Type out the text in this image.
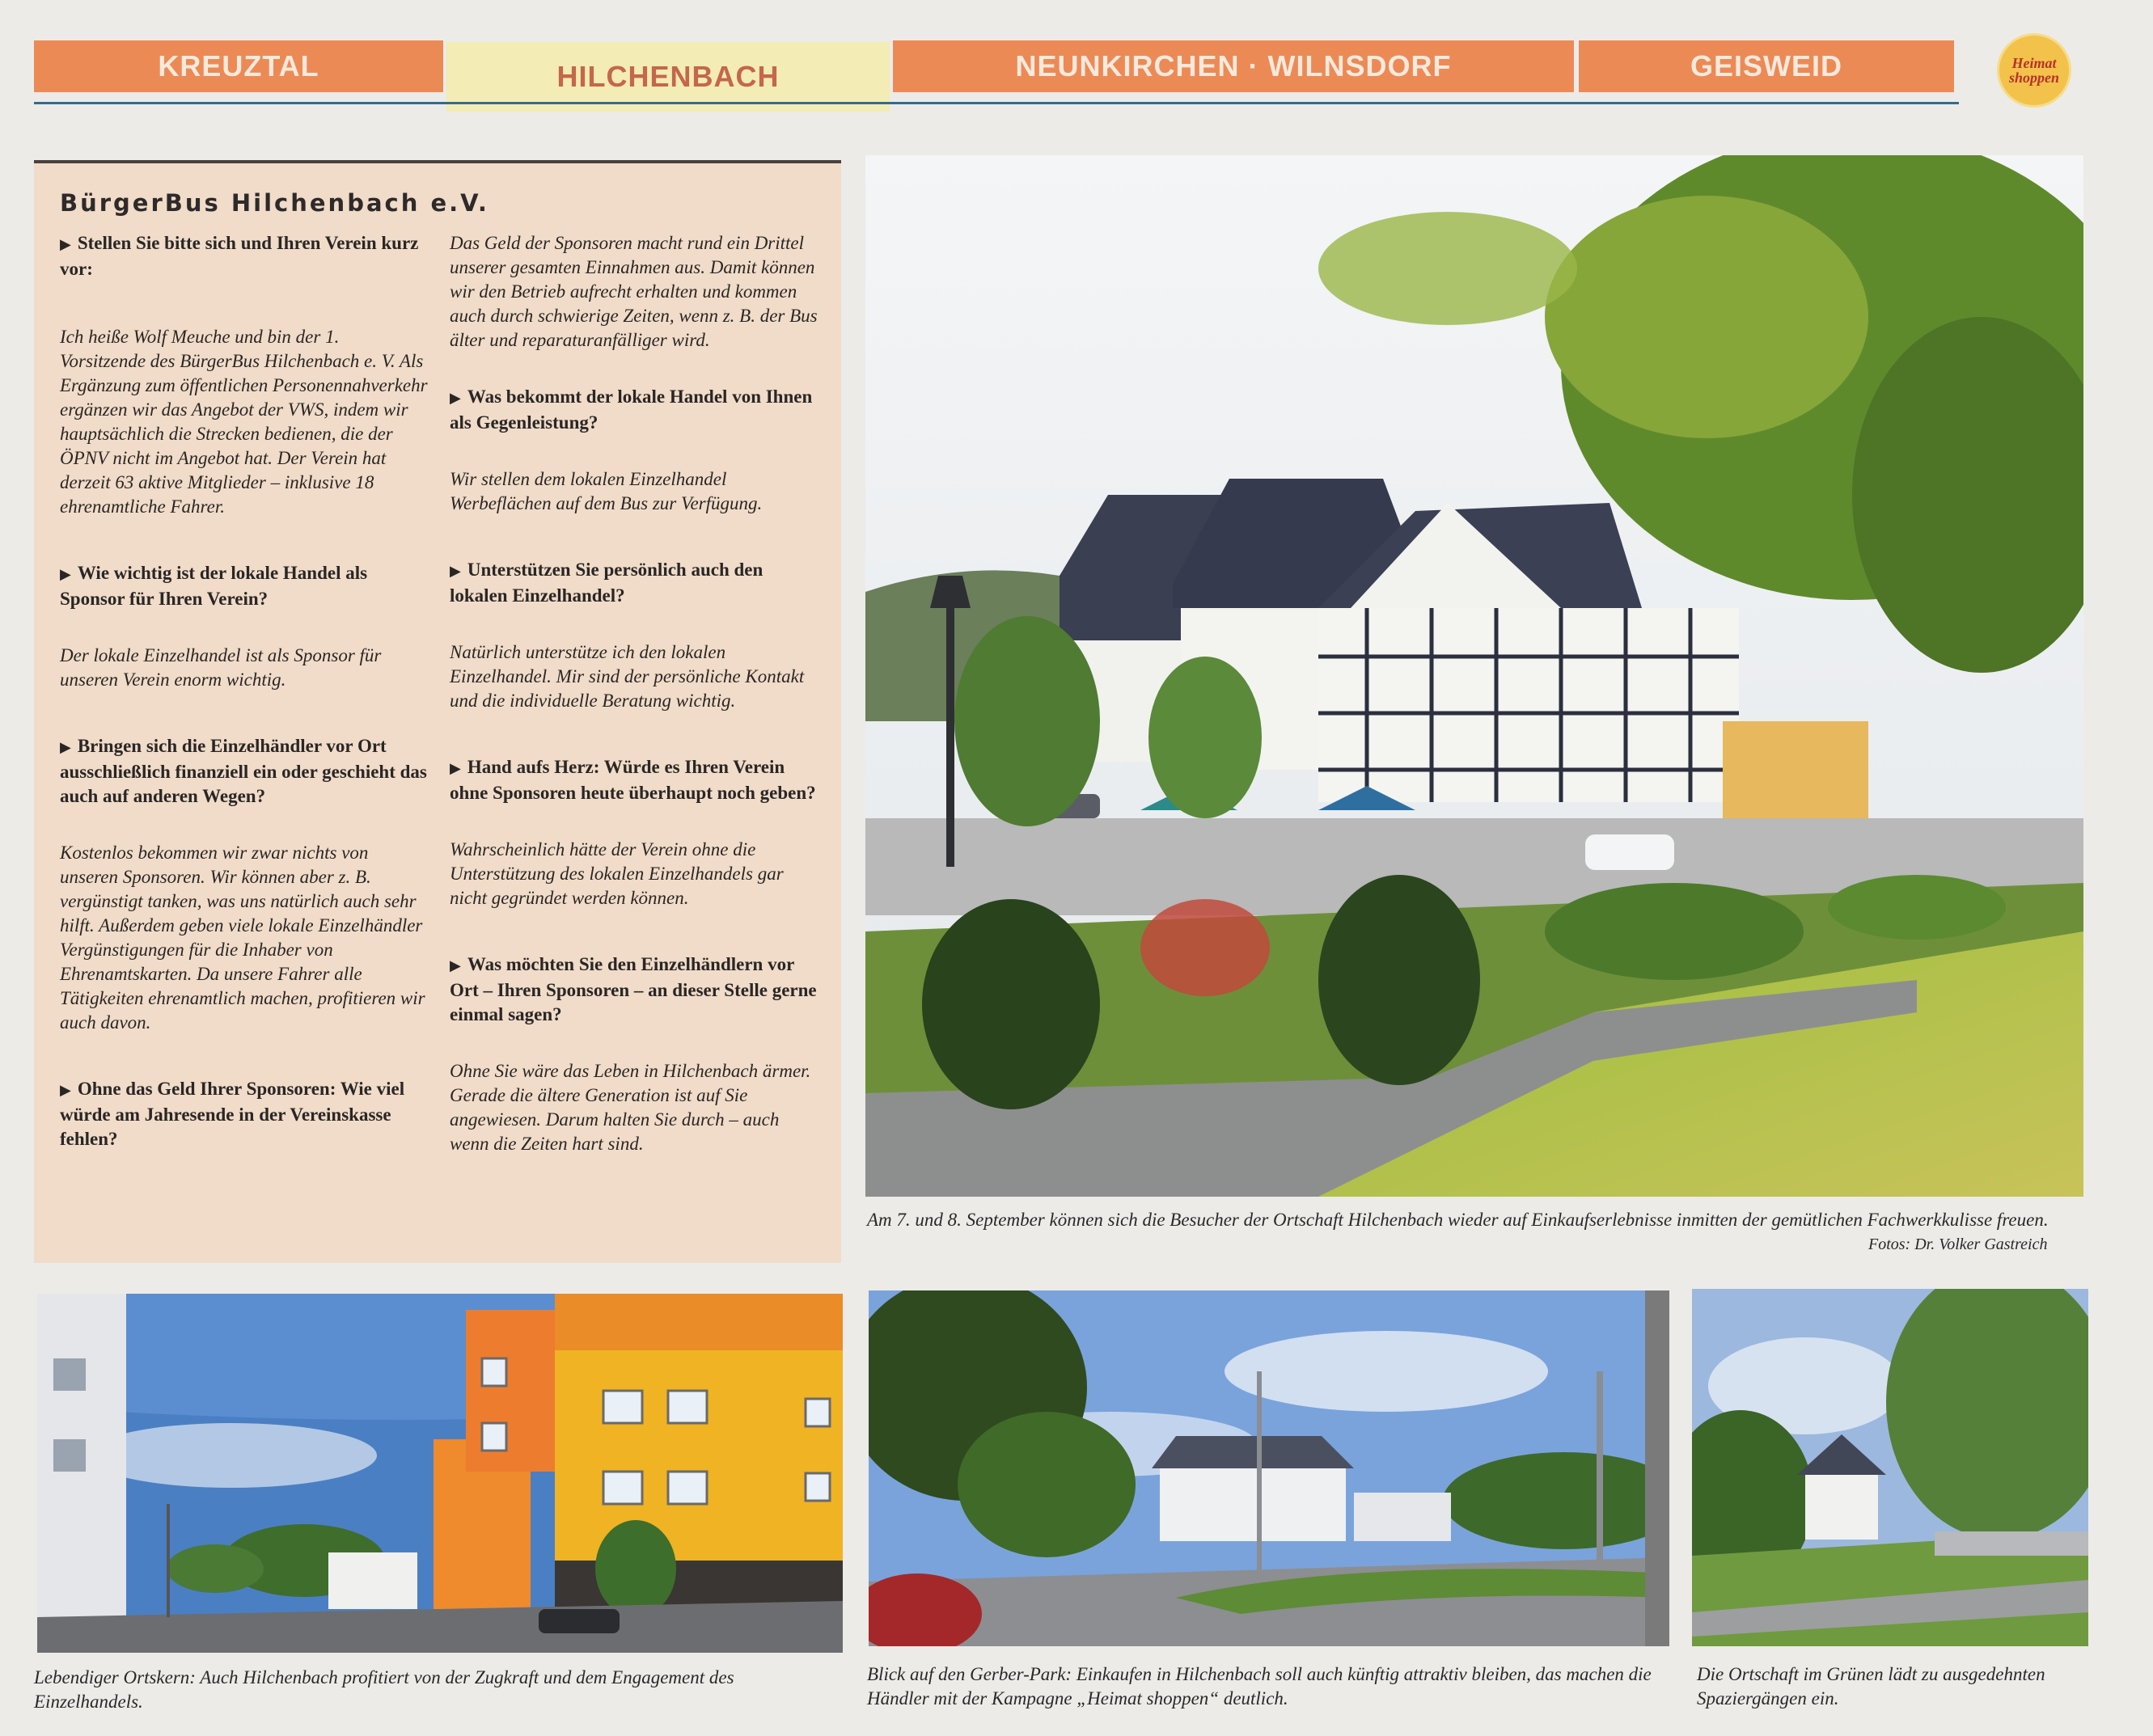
KREUZTAL	HILCHENBACH	NEUNKIRCHEN · WILNSDORF	GEISWEID	Heimat shoppen
BürgerBus Hilchenbach e.V.

▶ Stellen Sie bitte sich und Ihren Verein kurz vor:

Ich heiße Wolf Meuche und bin der 1. Vorsitzende des BürgerBus Hilchenbach e. V. Als Ergänzung zum öffentlichen Personennahverkehr ergänzen wir das Angebot der VWS, indem wir hauptsächlich die Strecken bedienen, die der ÖPNV nicht im Angebot hat. Der Verein hat derzeit 63 aktive Mitglieder – inklusive 18 ehrenamtliche Fahrer.

▶ Wie wichtig ist der lokale Handel als Sponsor für Ihren Verein?

Der lokale Einzelhandel ist als Sponsor für unseren Verein enorm wichtig.

▶ Bringen sich die Einzelhändler vor Ort ausschließlich finanziell ein oder geschieht das auch auf anderen Wegen?

Kostenlos bekommen wir zwar nichts von unseren Sponsoren. Wir können aber z. B. vergünstigt tanken, was uns natürlich auch sehr hilft. Außerdem geben viele lokale Einzelhändler Vergünstigungen für die Inhaber von Ehrenamtskarten. Da unsere Fahrer alle Tätigkeiten ehrenamtlich machen, profitieren wir auch davon.

▶ Ohne das Geld Ihrer Sponsoren: Wie viel würde am Jahresende in der Vereinskasse fehlen?

Das Geld der Sponsoren macht rund ein Drittel unserer gesamten Einnahmen aus. Damit können wir den Betrieb aufrecht erhalten und kommen auch durch schwierige Zeiten, wenn z. B. der Bus älter und reparaturanfälliger wird.

▶ Was bekommt der lokale Handel von Ihnen als Gegenleistung?

Wir stellen dem lokalen Einzelhandel Werbeflächen auf dem Bus zur Verfügung.

▶ Unterstützen Sie persönlich auch den lokalen Einzelhandel?

Natürlich unterstütze ich den lokalen Einzelhandel. Mir sind der persönliche Kontakt und die individuelle Beratung wichtig.

▶ Hand aufs Herz: Würde es Ihren Verein ohne Sponsoren heute überhaupt noch geben?

Wahrscheinlich hätte der Verein ohne die Unterstützung des lokalen Einzelhandels gar nicht gegründet werden können.

▶ Was möchten Sie den Einzelhändlern vor Ort – Ihren Sponsoren – an dieser Stelle gerne einmal sagen?

Ohne Sie wäre das Leben in Hilchenbach ärmer. Gerade die ältere Generation ist auf Sie angewiesen. Darum halten Sie durch – auch wenn die Zeiten hart sind.

Am 7. und 8. September können sich die Besucher der Ortschaft Hilchenbach wieder auf Einkaufserlebnisse inmitten der gemütlichen Fachwerkkulisse freuen.
Fotos: Dr. Volker Gastreich
Lebendiger Ortskern: Auch Hilchenbach profitiert von der Zugkraft und dem Engagement des Einzelhandels.
Blick auf den Gerber-Park: Einkaufen in Hilchenbach soll auch künftig attraktiv bleiben, das machen die Händler mit der Kampagne „Heimat shoppen“ deutlich.
Die Ortschaft im Grünen lädt zu ausgedehnten Spaziergängen ein.
